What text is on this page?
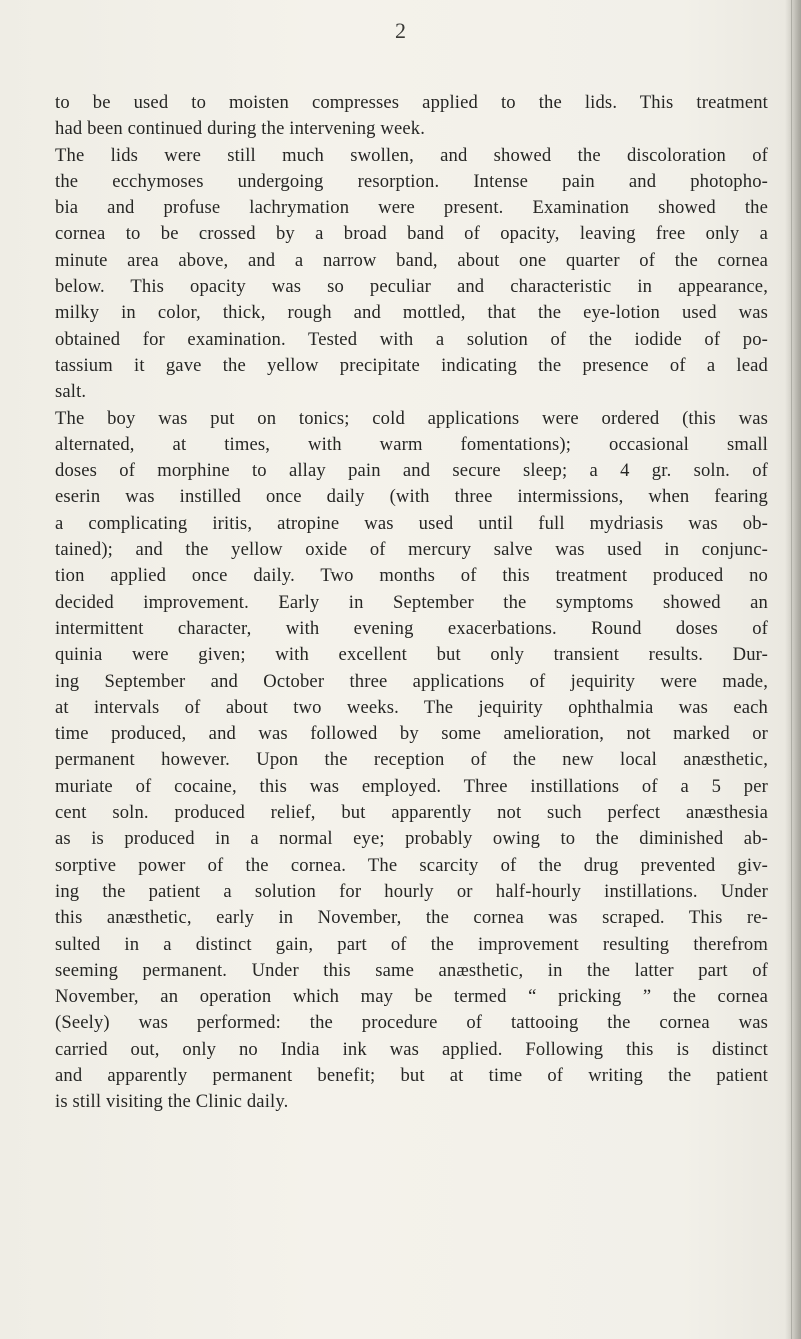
2
to be used to moisten compresses applied to the lids. This treatment
had been continued during the intervening week.
The lids were still much swollen, and showed the discoloration of
the ecchymoses undergoing resorption. Intense pain and photopho-
bia and profuse lachrymation were present. Examination showed the
cornea to be crossed by a broad band of opacity, leaving free only a
minute area above, and a narrow band, about one quarter of the cornea
below. This opacity was so peculiar and characteristic in appearance,
milky in color, thick, rough and mottled, that the eye-lotion used was
obtained for examination. Tested with a solution of the iodide of po-
tassium it gave the yellow precipitate indicating the presence of a lead
salt.
The boy was put on tonics; cold applications were ordered (this was
alternated, at times, with warm fomentations); occasional small
doses of morphine to allay pain and secure sleep; a 4 gr. soln. of
eserin was instilled once daily (with three intermissions, when fearing
a complicating iritis, atropine was used until full mydriasis was ob-
tained); and the yellow oxide of mercury salve was used in conjunc-
tion applied once daily. Two months of this treatment produced no
decided improvement. Early in September the symptoms showed an
intermittent character, with evening exacerbations. Round doses of
quinia were given; with excellent but only transient results. Dur-
ing September and October three applications of jequirity were made,
at intervals of about two weeks. The jequirity ophthalmia was each
time produced, and was followed by some amelioration, not marked or
permanent however. Upon the reception of the new local anæsthetic,
muriate of cocaine, this was employed. Three instillations of a 5 per
cent soln. produced relief, but apparently not such perfect anæsthesia
as is produced in a normal eye; probably owing to the diminished ab-
sorptive power of the cornea. The scarcity of the drug prevented giv-
ing the patient a solution for hourly or half-hourly instillations. Under
this anæsthetic, early in November, the cornea was scraped. This re-
sulted in a distinct gain, part of the improvement resulting therefrom
seeming permanent. Under this same anæsthetic, in the latter part of
November, an operation which may be termed “ pricking ” the cornea
(Seely) was performed: the procedure of tattooing the cornea was
carried out, only no India ink was applied. Following this is distinct
and apparently permanent benefit; but at time of writing the patient
is still visiting the Clinic daily.
